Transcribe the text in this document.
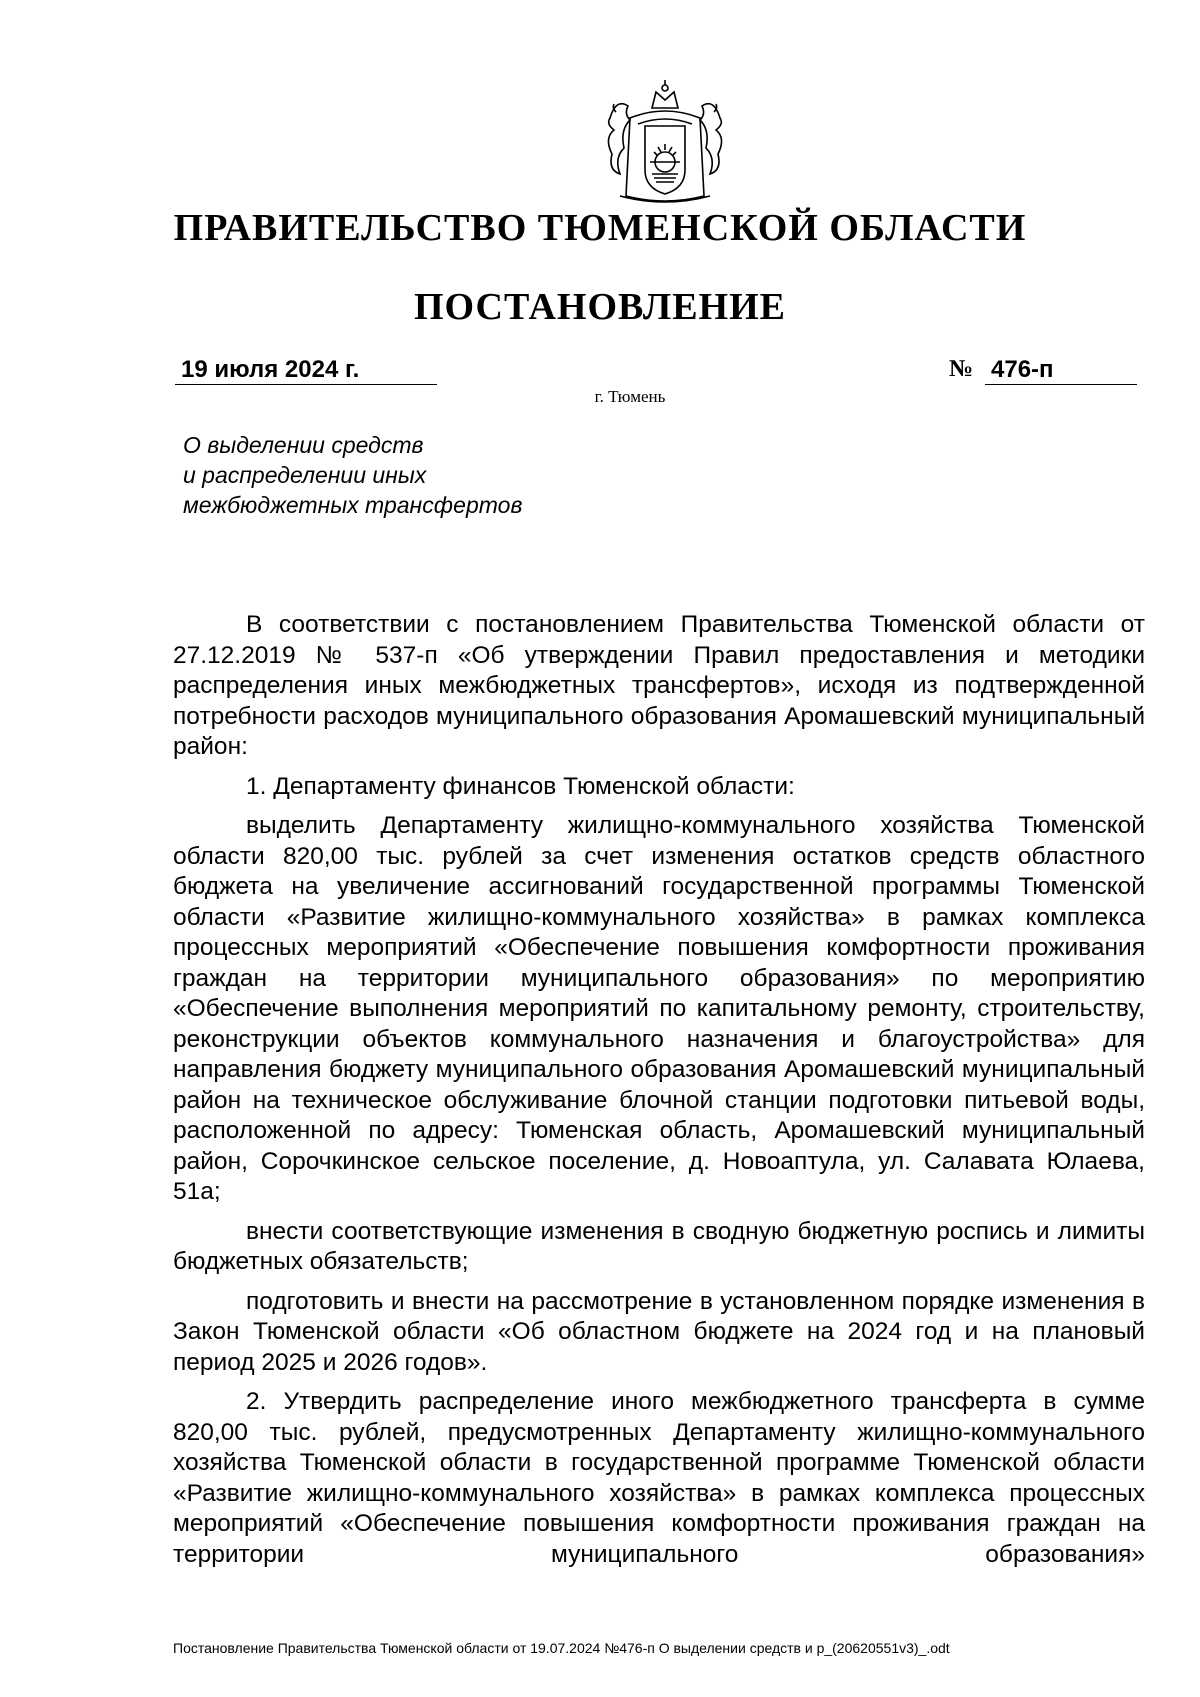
ПРАВИТЕЛЬСТВО ТЮМЕНСКОЙ ОБЛАСТИ
ПОСТАНОВЛЕНИЕ
19 июля 2024 г.	№ 476-п
г. Тюмень
О выделении средств
и распределении иных
межбюджетных трансфертов

В соответствии с постановлением Правительства Тюменской области от 27.12.2019 № 537-п «Об утверждении Правил предоставления и методики распределения иных межбюджетных трансфертов», исходя из подтвержденной потребности расходов муниципального образования Аромашевский муниципальный район:

1. Департаменту финансов Тюменской области:

выделить Департаменту жилищно-коммунального хозяйства Тюменской области 820,00 тыс. рублей за счет изменения остатков средств областного бюджета на увеличение ассигнований государственной программы Тюменской области «Развитие жилищно-коммунального хозяйства» в рамках комплекса процессных мероприятий «Обеспечение повышения комфортности проживания граждан на территории муниципального образования» по мероприятию «Обеспечение выполнения мероприятий по капитальному ремонту, строительству, реконструкции объектов коммунального назначения и благоустройства» для направления бюджету муниципального образования Аромашевский муниципальный район на техническое обслуживание блочной станции подготовки питьевой воды, расположенной по адресу: Тюменская область, Аромашевский муниципальный район, Сорочкинское сельское поселение, д. Новоаптула, ул. Салавата Юлаева, 51а;

внести соответствующие изменения в сводную бюджетную роспись и лимиты бюджетных обязательств;

подготовить и внести на рассмотрение в установленном порядке изменения в Закон Тюменской области «Об областном бюджете на 2024 год и на плановый период 2025 и 2026 годов».

2. Утвердить распределение иного межбюджетного трансферта в сумме 820,00 тыс. рублей, предусмотренных Департаменту жилищно-коммунального хозяйства Тюменской области в государственной программе Тюменской области «Развитие жилищно-коммунального хозяйства» в рамках комплекса процессных мероприятий «Обеспечение повышения комфортности проживания граждан на территории муниципального образования»

Постановление Правительства Тюменской области от 19.07.2024 №476-п О выделении средств и р_(20620551v3)_.odt
